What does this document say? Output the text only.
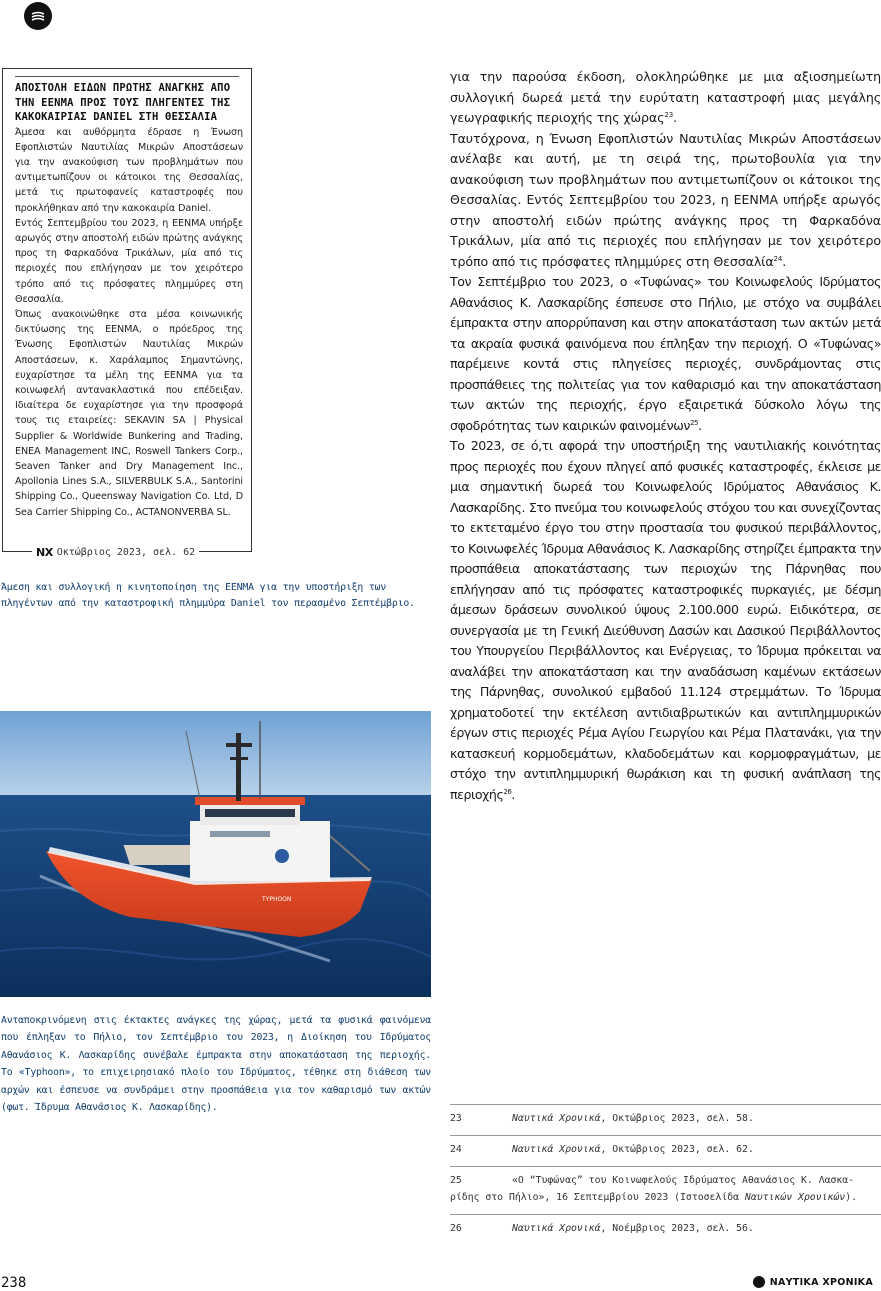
ΑΠΟΣΤΟΛΗ ΕΙΔΩΝ ΠΡΩΤΗΣ ΑΝΑΓΚΗΣ ΑΠΟ ΤΗΝ ΕΕΝΜΑ ΠΡΟΣ ΤΟΥΣ ΠΛΗΓΕΝΤΕΣ ΤΗΣ ΚΑΚΟΚΑΙΡΙΑΣ DANIEL ΣΤΗ ΘΕΣΣΑΛΙΑ

Άμεσα και αυθόρμητα έδρασε η Ένωση Εφοπλιστών Ναυτιλίας Μικρών Αποστάσεων για την ανακούφιση των προβλημάτων που αντιμετωπίζουν οι κάτοικοι της Θεσσαλίας, μετά τις πρωτοφανείς καταστροφές που προκλήθηκαν από την κακοκαιρία Daniel.

Εντός Σεπτεμβρίου του 2023, η ΕΕΝΜΑ υπήρξε αρωγός στην αποστολή ειδών πρώτης ανάγκης προς τη Φαρκαδόνα Τρικάλων, μία από τις περιοχές που επλήγησαν με τον χειρότερο τρόπο από τις πρόσφατες πλημμύρες στη Θεσσαλία.

Όπως ανακοινώθηκε στα μέσα κοινωνικής δικτύωσης της ΕΕΝΜΑ, ο πρόεδρος της Ένωσης Εφοπλιστών Ναυτιλίας Μικρών Αποστάσεων, κ. Χαράλαμπος Σημαντώνης, ευχαρίστησε τα μέλη της ΕΕΝΜΑ για τα κοινωφελή αντανακλαστικά που επέδειξαν. Ιδιαίτερα δε ευχαρίστησε για την προσφορά τους τις εταιρείες: SEKAVIN SA | Physical Supplier & Worldwide Bunkering and Trading, ENEA Management INC, Roswell Tankers Corp., Seaven Tanker and Dry Management Inc., Apollonia Lines S.A., SILVERBULK S.A., Santorini Shipping Co., Queensway Navigation Co. Ltd, D Sea Carrier Shipping Co., ACTANONVERBA SL.

NX Οκτώβριος 2023, σελ. 62
Άμεση και συλλογική η κινητοποίηση της ΕΕΝΜΑ για την υποστήριξη των πληγέντων από την καταστροφική πλημμύρα Daniel τον περασμένο Σεπτέμβριο.
TYPHOON
Ανταποκρινόμενη στις έκτακτες ανάγκες της χώρας, μετά τα φυσικά φαινόμενα που έπληξαν το Πήλιο, τον Σεπτέμβριο του 2023, η Διοίκηση του Ιδρύματος Αθανάσιος Κ. Λασκαρίδης συνέβαλε έμπρακτα στην αποκατάσταση της περιοχής. Το «Typhoon», το επιχειρησιακό πλοίο του Ιδρύματος, τέθηκε στη διάθεση των αρχών και έσπευσε να συνδράμει στην προσπάθεια για τον καθαρισμό των ακτών (φωτ. Ίδρυμα Αθανάσιος Κ. Λασκαρίδης).

για την παρούσα έκδοση, ολοκληρώθηκε με μια αξιοσημείωτη συλλογική δωρεά μετά την ευρύτατη καταστροφή μιας μεγάλης γεωγραφικής περιοχής της χώρας$^{23}$.

Ταυτόχρονα, η Ένωση Εφοπλιστών Ναυτιλίας Μικρών Αποστάσεων ανέλαβε και αυτή, με τη σειρά της, πρωτοβουλία για την ανακούφιση των προβλημάτων που αντιμετωπίζουν οι κάτοικοι της Θεσσαλίας. Εντός Σεπτεμβρίου του 2023, η ΕΕΝΜΑ υπήρξε αρωγός στην αποστολή ειδών πρώτης ανάγκης προς τη Φαρκαδόνα Τρικάλων, μία από τις περιοχές που επλήγησαν με τον χειρότερο τρόπο από τις πρόσφατες πλημμύρες στη Θεσσαλία$^{24}$.

Τον Σεπτέμβριο του 2023, ο «Τυφώνας» του Κοινωφελούς Ιδρύματος Αθανάσιος Κ. Λασκαρίδης έσπευσε στο Πήλιο, με στόχο να συμβάλει έμπρακτα στην απορρύπανση και στην αποκατάσταση των ακτών μετά τα ακραία φυσικά φαινόμενα που έπληξαν την περιοχή. Ο «Τυφώνας» παρέμεινε κοντά στις πληγείσες περιοχές, συνδράμοντας στις προσπάθειες της πολιτείας για τον καθαρισμό και την αποκατάσταση των ακτών της περιοχής, έργο εξαιρετικά δύσκολο λόγω της σφοδρότητας των καιρικών φαινομένων$^{25}$.

Το 2023, σε ό,τι αφορά την υποστήριξη της ναυτιλιακής κοινότητας προς περιοχές που έχουν πληγεί από φυσικές καταστροφές, έκλεισε με μια σημαντική δωρεά του Κοινωφελούς Ιδρύματος Αθανάσιος Κ. Λασκαρίδης. Στο πνεύμα του κοινωφελούς στόχου του και συνεχίζοντας το εκτεταμένο έργο του στην προστασία του φυσικού περιβάλλοντος, το Κοινωφελές Ίδρυμα Αθανάσιος Κ. Λασκαρίδης στηρίζει έμπρακτα την προσπάθεια αποκατάστασης των περιοχών της Πάρνηθας που επλήγησαν από τις πρόσφατες καταστροφικές πυρκαγιές, με δέσμη άμεσων δράσεων συνολικού ύψους 2.100.000 ευρώ. Ειδικότερα, σε συνεργασία με τη Γενική Διεύθυνση Δασών και Δασικού Περιβάλλοντος του Υπουργείου Περιβάλλοντος και Ενέργειας, το Ίδρυμα πρόκειται να αναλάβει την αποκατάσταση και την αναδάσωση καμένων εκτάσεων της Πάρνηθας, συνολικού εμβαδού 11.124 στρεμμάτων. Το Ίδρυμα χρηματοδοτεί την εκτέλεση αντιδιαβρωτικών και αντιπλημμυρικών έργων στις περιοχές Ρέμα Αγίου Γεωργίου και Ρέμα Πλατανάκι, για την κατασκευή κορμοδεμάτων, κλαδοδεμάτων και κορμοφραγμάτων, με στόχο την αντιπλημμυρική θωράκιση και τη φυσική ανάπλαση της περιοχής$^{26}$.

23	Ναυτικά Χρονικά, Οκτώβριος 2023, σελ. 58.
24	Ναυτικά Χρονικά, Οκτώβριος 2023, σελ. 62.
25	«Ο “Τυφώνας” του Κοινωφελούς Ιδρύματος Αθανάσιος Κ. Λασκα-
ρίδης στο Πήλιο», 16 Σεπτεμβρίου 2023 (Ιστοσελίδα Ναυτικών Χρονικών).
26	Ναυτικά Χρονικά, Νοέμβριος 2023, σελ. 56.
238	ΝΑΥΤΙΚΑ ΧΡΟΝΙΚΑ
